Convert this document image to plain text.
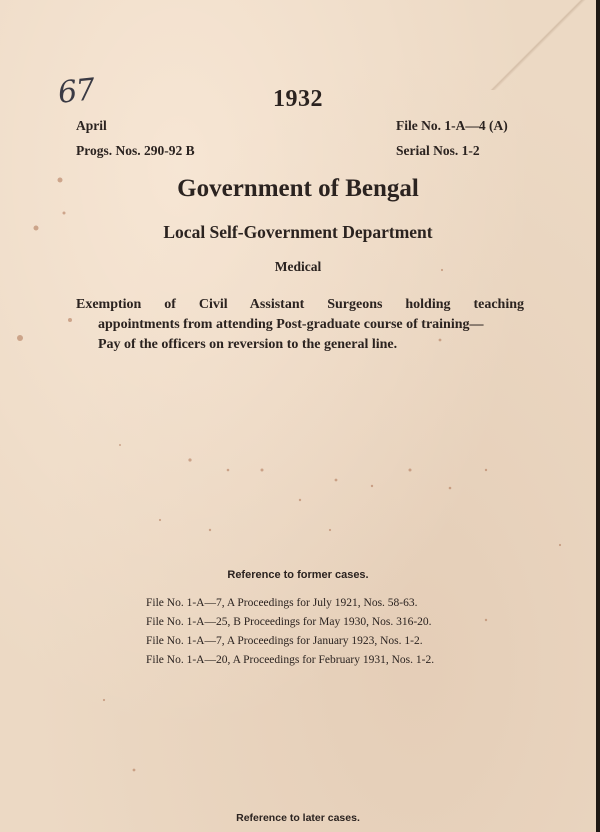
67	1932
April
Progs. Nos. 290-92 B
File No. 1-A—4 (A)
Serial Nos. 1-2
Government of Bengal
Local Self-Government Department
Medical
Exemption of Civil Assistant Surgeons holding teaching
appointments from attending Post-graduate course of training—
Pay of the officers on reversion to the general line.
Reference to former cases.
File No. 1-A—7, A Proceedings for July 1921, Nos. 58-63.
File No. 1-A—25, B Proceedings for May 1930, Nos. 316-20.
File No. 1-A—7, A Proceedings for January 1923, Nos. 1-2.
File No. 1-A—20, A Proceedings for February 1931, Nos. 1-2.
Reference to later cases.
